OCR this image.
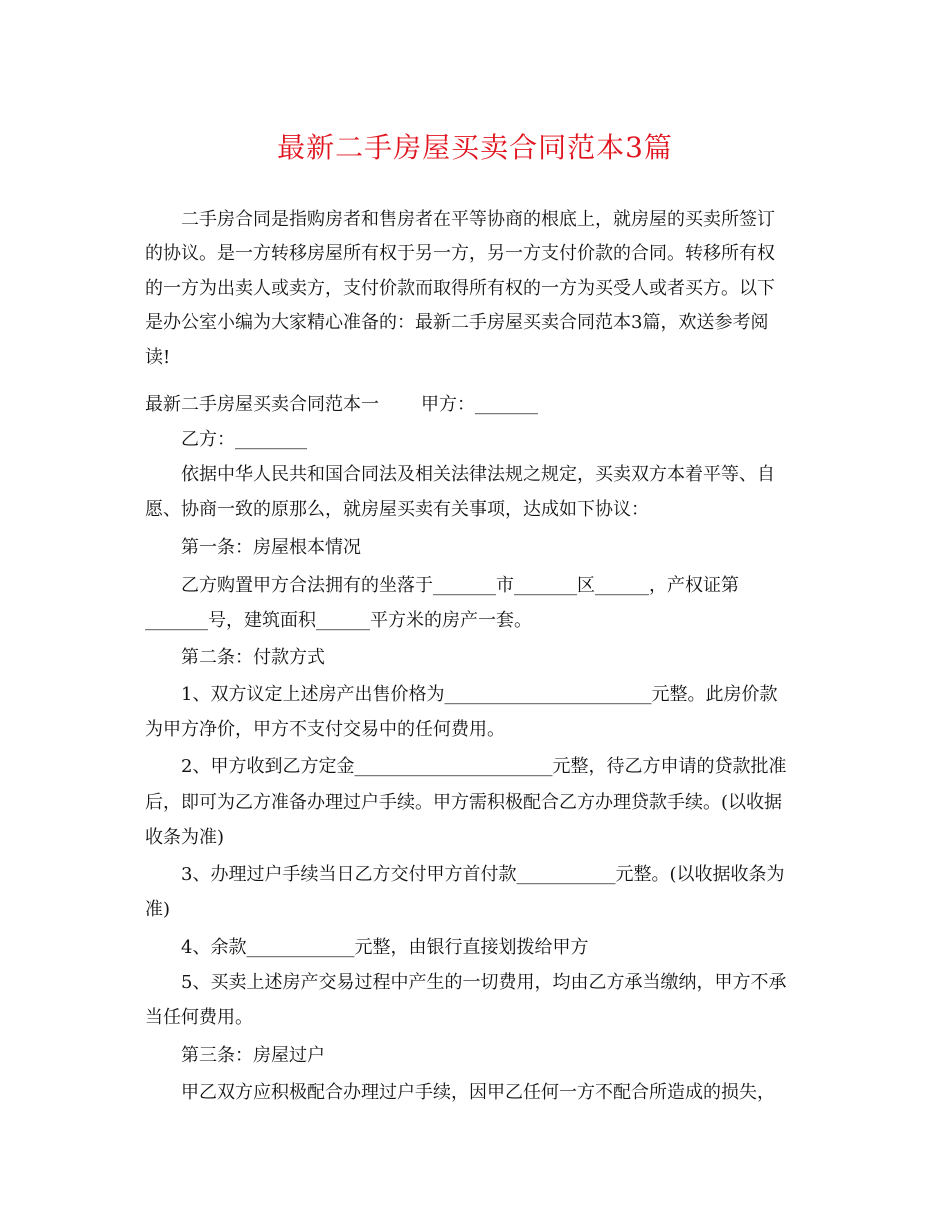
最新二手房屋买卖合同范本3篇
二手房合同是指购房者和售房者在平等协商的根底上，就房屋的买卖所签订
的协议。是一方转移房屋所有权于另一方，另一方支付价款的合同。转移所有权
的一方为出卖人或卖方，支付价款而取得所有权的一方为买受人或者买方。以下
是办公室小编为大家精心准备的：最新二手房屋买卖合同范本3篇，欢送参考阅
读!
最新二手房屋买卖合同范本一 甲方：_______
乙方：________
依据中华人民共和国合同法及相关法律法规之规定，买卖双方本着平等、自
愿、协商一致的原那么，就房屋买卖有关事项，达成如下协议：
第一条：房屋根本情况
乙方购置甲方合法拥有的坐落于_______市_______区______，产权证第
_______号，建筑面积______平方米的房产一套。
第二条：付款方式
1、双方议定上述房产出售价格为_______________________元整。此房价款
为甲方净价，甲方不支付交易中的任何费用。
2、甲方收到乙方定金______________________元整，待乙方申请的贷款批准
后，即可为乙方准备办理过户手续。甲方需积极配合乙方办理贷款手续。(以收据
收条为准)
3、办理过户手续当日乙方交付甲方首付款___________元整。(以收据收条为
准)
4、余款____________元整，由银行直接划拨给甲方
5、买卖上述房产交易过程中产生的一切费用，均由乙方承当缴纳，甲方不承
当任何费用。
第三条：房屋过户
甲乙双方应积极配合办理过户手续，因甲乙任何一方不配合所造成的损失，
